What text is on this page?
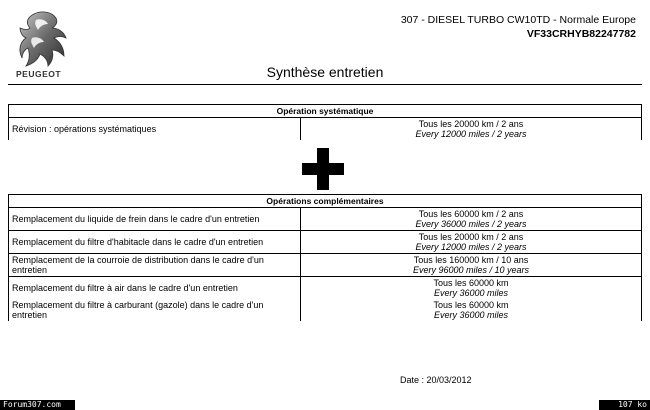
PEUGEOT
307 - DIESEL TURBO CW10TD - Normale Europe
VF33CRHYB82247782
Synthèse entretien
Opération systématique
Révision : opérations systématiques	Tous les 20000 km / 2 ans
Every 12000 miles / 2 years
Opérations complémentaires	
Remplacement du liquide de frein dans le cadre d'un entretien	Tous les 60000 km / 2 ans
Every 36000 miles / 2 years

Remplacement du filtre d'habitacle dans le cadre d'un entretien	Tous les 20000 km / 2 ans
Every 12000 miles / 2 years

Remplacement de la courroie de distribution dans le cadre d'un entretien	Tous les 160000 km / 10 ans
Every 96000 miles / 10 years

Remplacement du filtre à air dans le cadre d'un entretien	Tous les 60000 km
Every 36000 miles

Remplacement du filtre à carburant (gazole) dans le cadre d'un entretien	Tous les 60000 km
Every 36000 miles
Date : 20/03/2012
Forum307.com	107 ko
